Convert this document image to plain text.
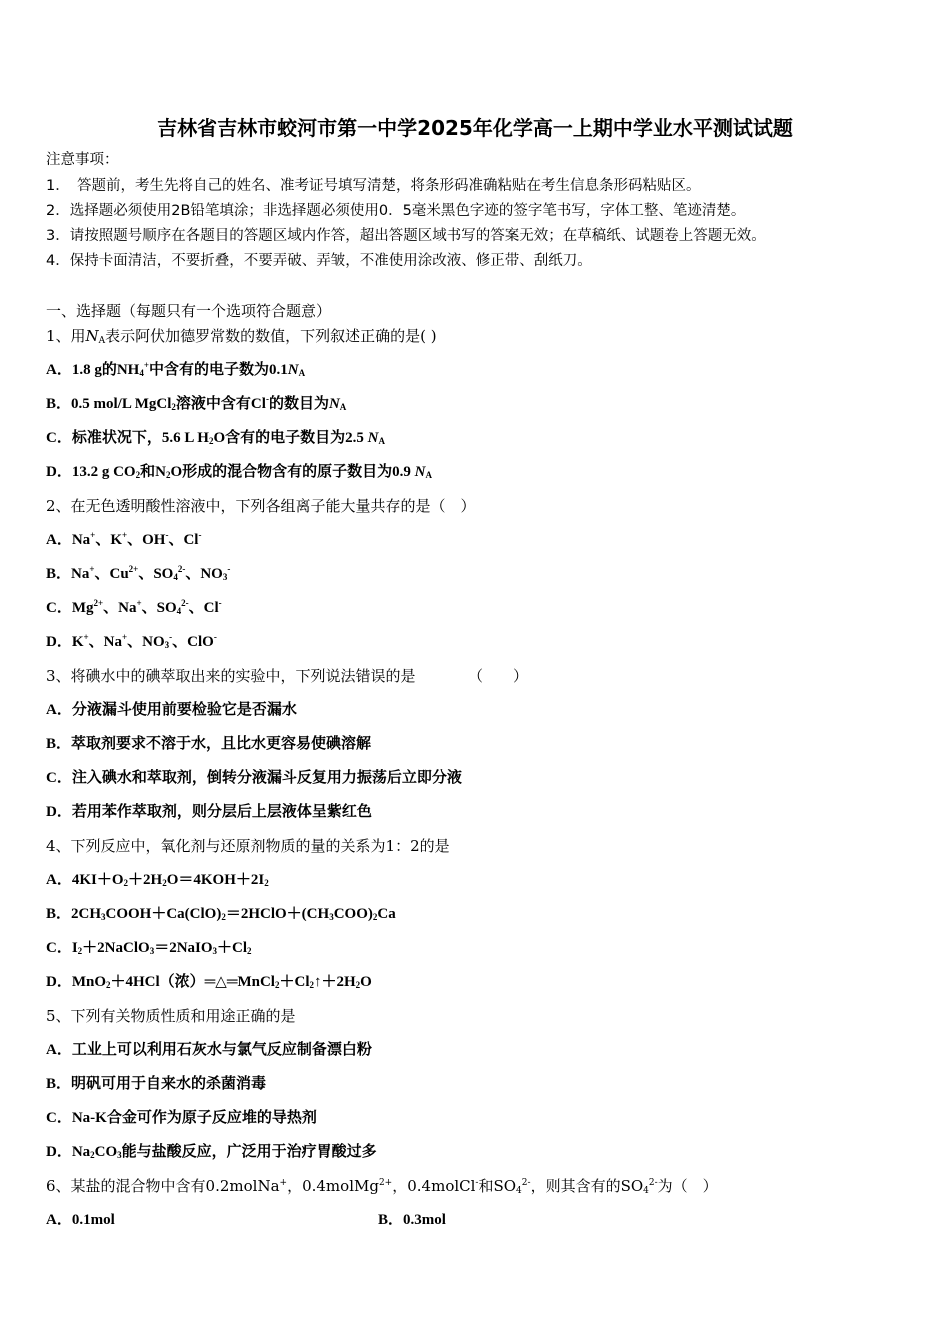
吉林省吉林市蛟河市第一中学2025年化学高一上期中学业水平测试试题
注意事项：
1．　答题前，考生先将自己的姓名、准考证号填写清楚，将条形码准确粘贴在考生信息条形码粘贴区。
2．选择题必须使用2B铅笔填涂；非选择题必须使用0．5毫米黑色字迹的签字笔书写，字体工整、笔迹清楚。
3．请按照题号顺序在各题目的答题区域内作答，超出答题区域书写的答案无效；在草稿纸、试题卷上答题无效。
4．保持卡面清洁，不要折叠，不要弄破、弄皱，不准使用涂改液、修正带、刮纸刀。
一、选择题（每题只有一个选项符合题意）
1、用$N_A$表示阿伏加德罗常数的数值，下列叙述正确的是( )
A．1.8 g的$NH_4^+$中含有的电子数为$0.1N_A$
B．0.5 mol/L MgCl$_2$溶液中含有Cl-的数目为$N_A$
C．标准状况下，5.6 L $H_2O$含有的电子数目为2.5 $N_A$
D．13.2 g $CO_2$和$N_2O$形成的混合物含有的原子数目为0.9 $N_A$
2、在无色透明酸性溶液中，下列各组离子能大量共存的是（　）
A．Na+、K+、OH-、Cl-
B．Na+、$Cu^{2+}$、$SO_4^{2-}$、$NO_3^-$
C．$Mg^{2+}$、Na+、$SO_4^{2-}$、Cl-
D．K+、Na+、$NO_3^-$、ClO-
3、将碘水中的碘萃取出来的实验中，下列说法错误的是　　　　（　　）
A．分液漏斗使用前要检验它是否漏水
B．萃取剂要求不溶于水，且比水更容易使碘溶解
C．注入碘水和萃取剂，倒转分液漏斗反复用力振荡后立即分液
D．若用苯作萃取剂，则分层后上层液体呈紫红色
4、下列反应中，氧化剂与还原剂物质的量的关系为1：2的是
A．$4KI+O_2+2H_2O=4KOH+2I_2$
B．$2CH_3COOH+Ca(ClO)_2=2HClO+(CH_3COO)_2Ca$
C．$I_2+2NaClO_3=2NaIO_3+Cl_2$
D．MnO$_2$＋4HCl（浓）$═\triangle═MnCl_2+Cl_2↑+2H_2O$
5、下列有关物质性质和用途正确的是
A．工业上可以利用石灰水与氯气反应制备漂白粉
B．明矾可用于自来水的杀菌消毒
C．Na-K合金可作为原子反应堆的导热剂
D．$Na_2CO_3$能与盐酸反应，广泛用于治疗胃酸过多
6、某盐的混合物中含有0.2molNa+，0.4molMg$^{2+}$，0.4molCl-和$SO_4^{2-}$，则其含有的$SO_4^{2-}$为（　）
A．0.1mol	B．0.3mol
